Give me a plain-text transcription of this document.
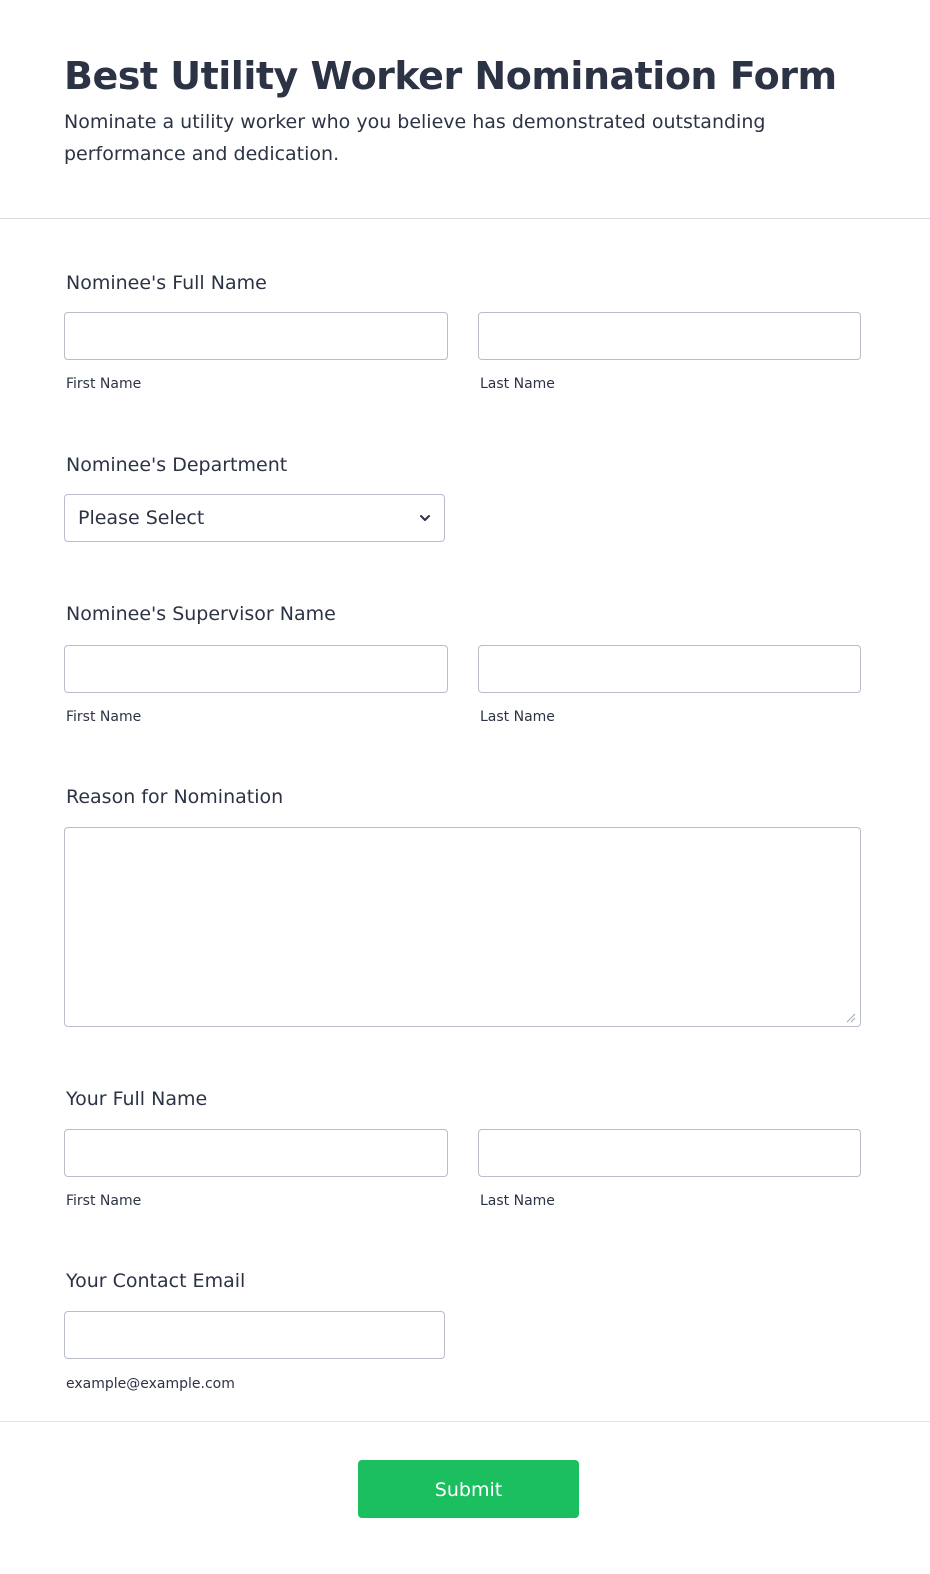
Best Utility Worker Nomination Form

Nominate a utility worker who you believe has demonstrated outstanding performance and dedication.

Nominee's Full Name
First Name	Last Name
Nominee's Department
Please Select
Nominee's Supervisor Name
First Name	Last Name
Reason for Nomination
Your Full Name
First Name	Last Name
Your Contact Email
example@example.com
Submit
